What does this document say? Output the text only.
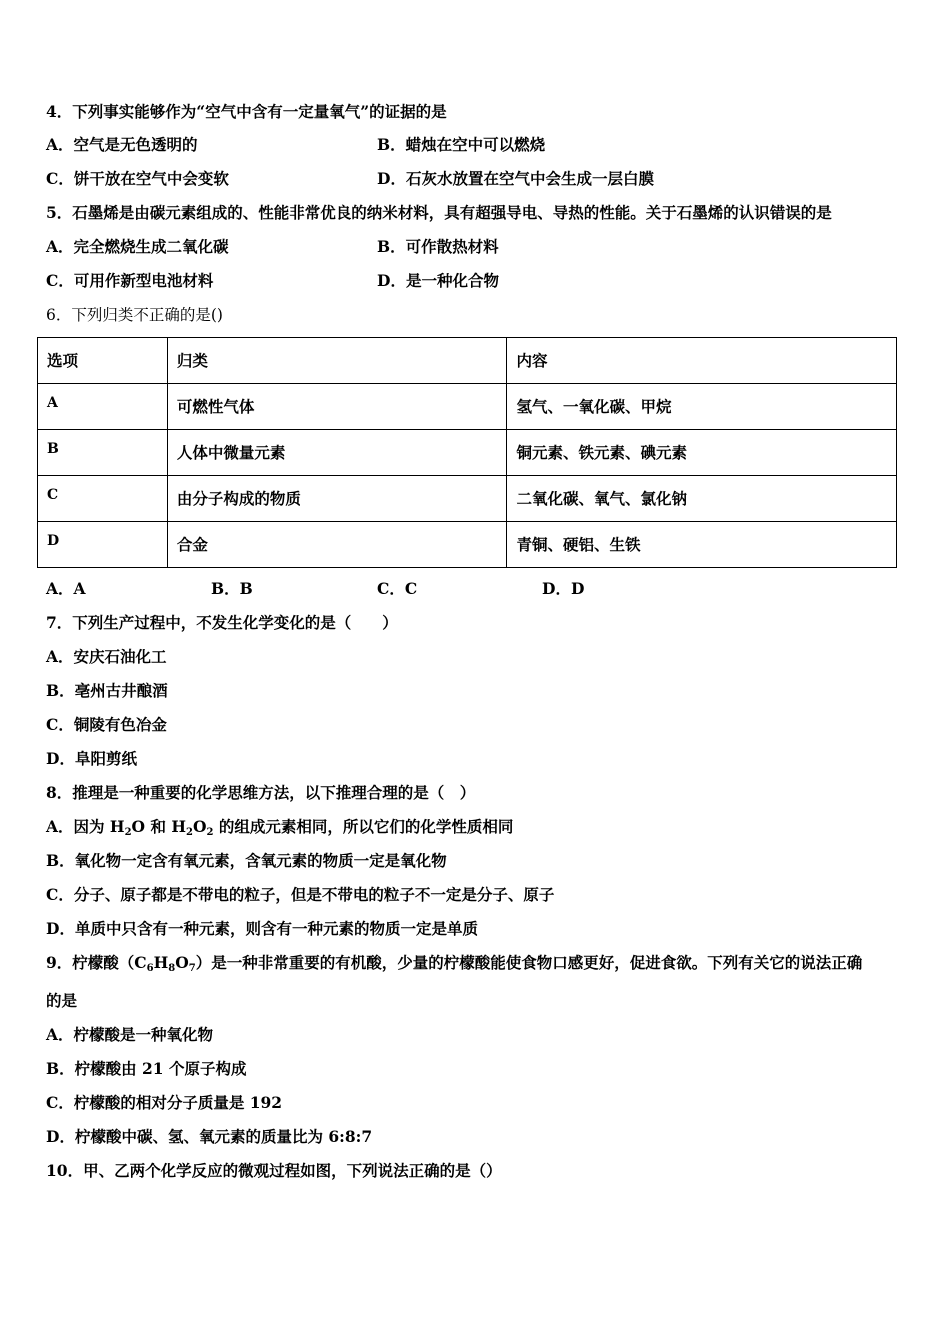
4．下列事实能够作为“空气中含有一定量氧气”的证据的是
A．空气是无色透明的	B．蜡烛在空中可以燃烧
C．饼干放在空气中会变软	D．石灰水放置在空气中会生成一层白膜
5．石墨烯是由碳元素组成的、性能非常优良的纳米材料，具有超强导电、导热的性能。关于石墨烯的认识错误的是
A．完全燃烧生成二氧化碳	B．可作散热材料
C．可用作新型电池材料	D．是一种化合物
6．下列归类不正确的是()
选项	归类	内容
A	可燃性气体	氢气、一氧化碳、甲烷
B	人体中微量元素	铜元素、铁元素、碘元素
C	由分子构成的物质	二氧化碳、氧气、氯化钠
D	合金	青铜、硬铝、生铁
A．A	B．B	C．C	D．D
7．下列生产过程中，不发生化学变化的是（　　）
A．安庆石油化工
B．亳州古井酿酒
C．铜陵有色冶金
D．阜阳剪纸
8．推理是一种重要的化学思维方法，以下推理合理的是（　）
A．因为 $H_2O$ 和 $H_2O_2$ 的组成元素相同，所以它们的化学性质相同
B．氧化物一定含有氧元素，含氧元素的物质一定是氧化物
C．分子、原子都是不带电的粒子，但是不带电的粒子不一定是分子、原子
D．单质中只含有一种元素，则含有一种元素的物质一定是单质
9．柠檬酸$(C_6H_8O_7)$是一种非常重要的有机酸，少量的柠檬酸能使食物口感更好，促进食欲。下列有关它的说法正确
的是
A．柠檬酸是一种氧化物
B．柠檬酸由 21 个原子构成
C．柠檬酸的相对分子质量是 192
D．柠檬酸中碳、氢、氧元素的质量比为 6:8:7
10．甲、乙两个化学反应的微观过程如图，下列说法正确的是（）
